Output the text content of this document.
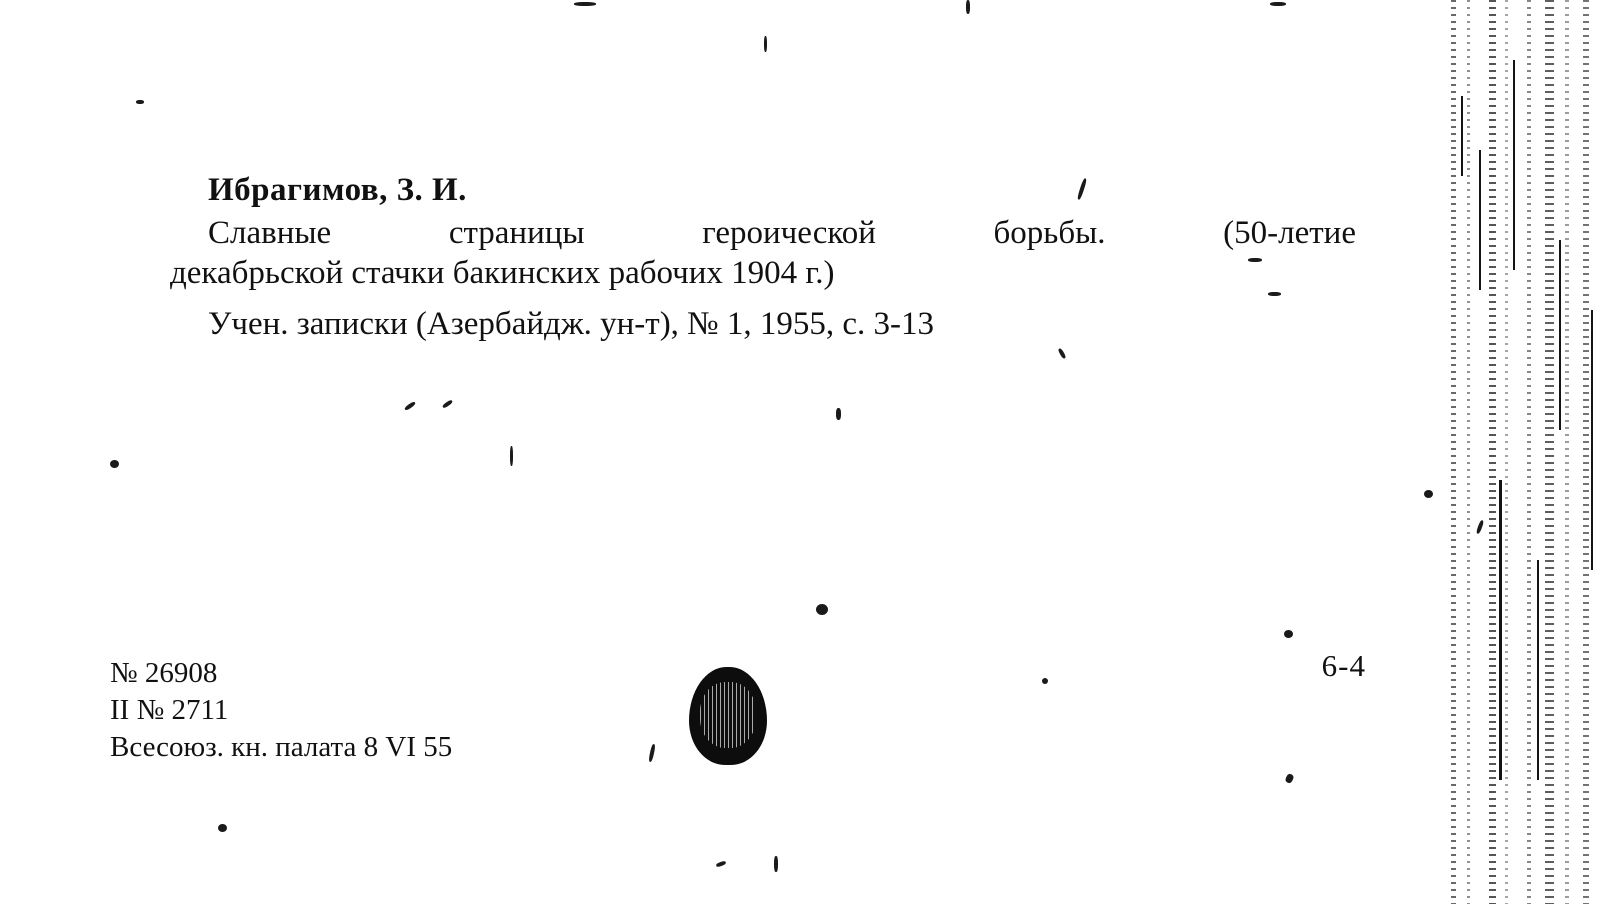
Ибрагимов, З. И.
Славные	страницы	героической	борьбы.	(50-летие
декабрьской стачки бакинских рабочих 1904 г.)
Учен. записки (Азербайдж. ун-т), № 1, 1955, с. 3-13
№ 26908
II № 2711
Всесоюз. кн. палата 8 VI 55
6-4
